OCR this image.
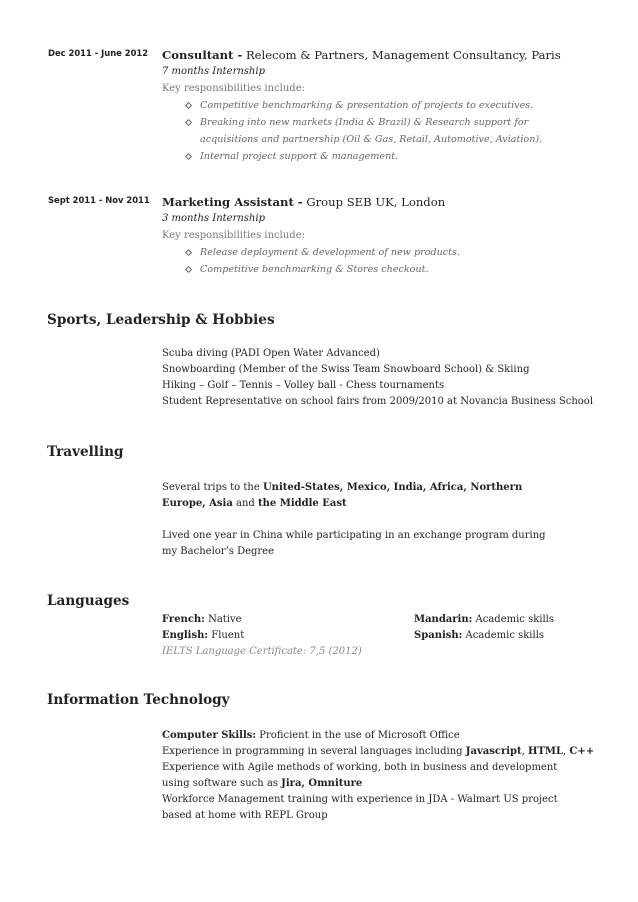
Dec 2011 - June 2012 Consultant - Relecom & Partners, Management Consultancy, Paris
7 months Internship
Key responsibilities include:
Competitive benchmarking & presentation of projects to executives.
Breaking into new markets (India & Brazil) & Research support for acquisitions and partnership (Oil & Gas, Retail, Automotive, Aviation).
Internal project support & management.
Sept 2011 - Nov 2011 Marketing Assistant - Group SEB UK, London
3 months Internship
Key responsibilities include:
Release deployment & development of new products.
Competitive benchmarking & Stores checkout.
Sports, Leadership & Hobbies
Scuba diving (PADI Open Water Advanced)
Snowboarding (Member of the Swiss Team Snowboard School) & Skiing
Hiking – Golf – Tennis – Volley ball - Chess tournaments
Student Representative on school fairs from 2009/2010 at Novancia Business School
Travelling
Several trips to the United-States, Mexico, India, Africa, Northern Europe, Asia and the Middle East
Lived one year in China while participating in an exchange program during my Bachelor’s Degree
Languages
French: Native
English: Fluent
IELTS Language Certificate: 7,5 (2012)
Mandarin: Academic skills
Spanish: Academic skills
Information Technology
Computer Skills: Proficient in the use of Microsoft Office
Experience in programming in several languages including Javascript, HTML, C++
Experience with Agile methods of working, both in business and development using software such as Jira, Omniture
Workforce Management training with experience in JDA - Walmart US project based at home with REPL Group
